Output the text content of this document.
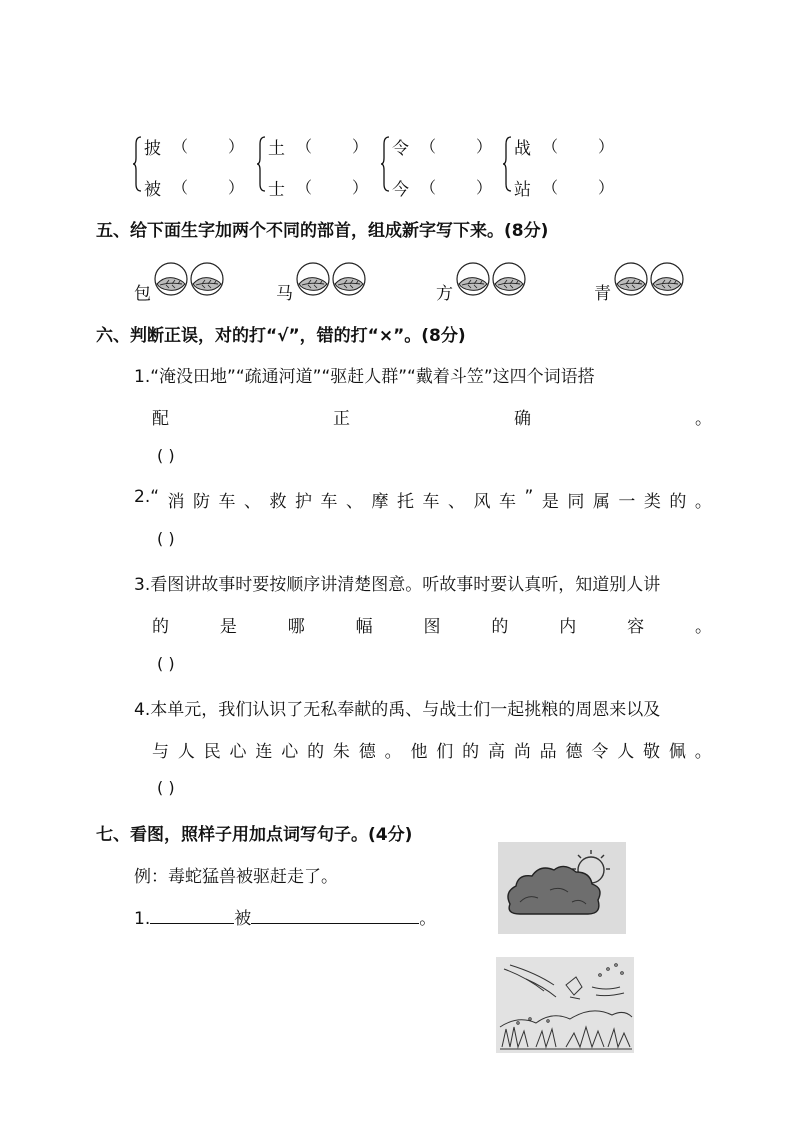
披 （ ）
被 （ ）
土 （ ）
士 （ ）
令 （ ）
今 （ ）
战 （ ）
站 （ ）
五、给下面生字加两个不同的部首，组成新字写下来。(8分)
包	马	方	青
六、判断正误，对的打“√”，错的打“×”。(8分)
1.“淹没田地”“疏通河道”“驱赶人群”“戴着斗笠”这四个词语搭
配	正	确	。
( )
2.“ 消 防 车 、 救 护 车 、 摩 托 车 、 风 车 ” 是 同 属 一 类 的 。
( )
3.看图讲故事时要按顺序讲清楚图意。听故事时要认真听，知道别人讲
的	是	哪	幅	图	的	内	容	。
( )
4.本单元，我们认识了无私奉献的禹、与战士们一起挑粮的周恩来以及
与 人 民 心 连 心 的 朱 德 。 他 们 的 高 尚 品 德 令 人 敬 佩 。
( )
七、看图，照样子用加点词写句子。(4分)
例：毒蛇猛兽被驱赶走了。
1.	被	。
